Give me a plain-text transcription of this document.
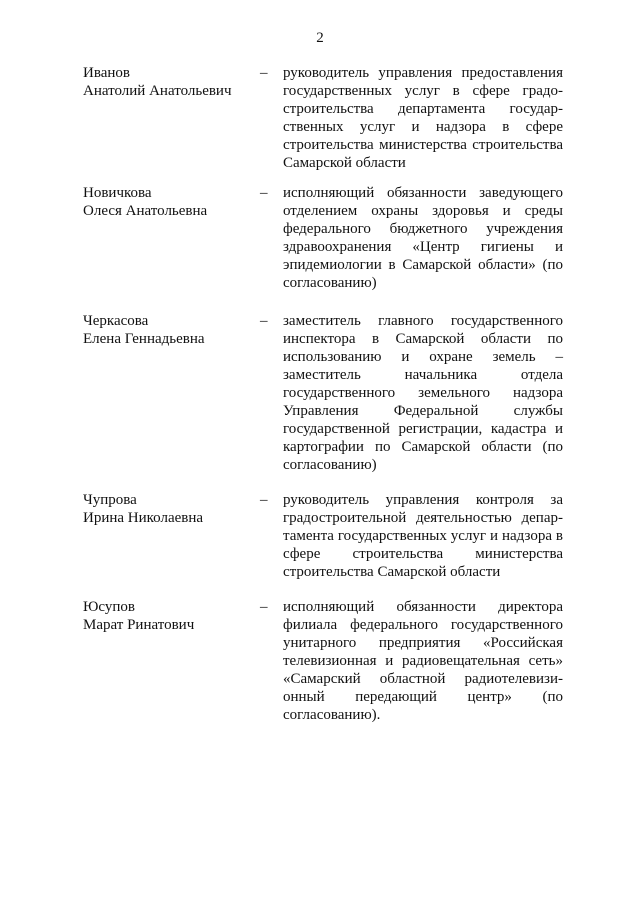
2
Иванов
Анатолий Анатольевич
– руководитель управления предоставления
государственных услуг в сфере градо-
строительства департамента государ-
ственных услуг и надзора в сфере
строительства министерства строительства
Самарской области
Новичкова
Олеся Анатольевна
– исполняющий обязанности заведующего
отделением охраны здоровья и среды
федерального бюджетного учреждения
здравоохранения «Центр гигиены и
эпидемиологии в Самарской области» (по
согласованию)
Черкасова
Елена Геннадьевна
– заместитель главного государственного
инспектора в Самарской области по
использованию и охране земель –
заместитель начальника отдела
государственного земельного надзора
Управления Федеральной службы
государственной регистрации, кадастра и
картографии по Самарской области (по
согласованию)
Чупрова
Ирина Николаевна
– руководитель управления контроля за
градостроительной деятельностью депар-
тамента государственных услуг и надзора в
сфере строительства министерства
строительства Самарской области
Юсупов
Марат Ринатович
– исполняющий обязанности директора
филиала федерального государственного
унитарного предприятия «Российская
телевизионная и радиовещательная сеть»
«Самарский областной радиотелевизи-
онный передающий центр» (по
согласованию).
